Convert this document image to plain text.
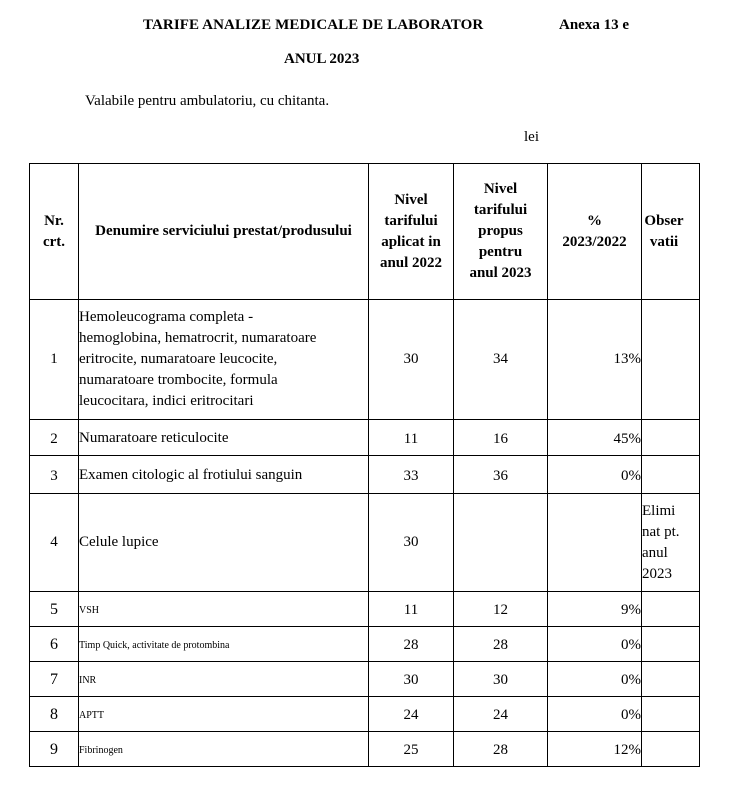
TARIFE ANALIZE MEDICALE DE LABORATOR	Anexa 13 e
ANUL 2023
Valabile pentru ambulatoriu, cu chitanta.
lei
Nr. crt.	Denumire serviciului prestat/produsului	Nivel tarifului aplicat in anul 2022	Nivel tarifului propus pentru anul 2023	% 2023/2022	Obser vatii

1	Hemoleucograma completa - hemoglobina, hematrocrit, numaratoare eritrocite, numaratoare leucocite, numaratoare trombocite, formula leucocitara, indici eritrocitari	30	34	13%	

2	Numaratoare reticulocite	11	16	45%	

3	Examen citologic al frotiului sanguin	33	36	0%	

4	Celule lupice	30			Elimi nat pt. anul 2023

5	VSH	11	12	9%	

6	Timp Quick, activitate de protombina	28	28	0%	

7	INR	30	30	0%	

8	APTT	24	24	0%	

9	Fibrinogen	25	28	12%	
